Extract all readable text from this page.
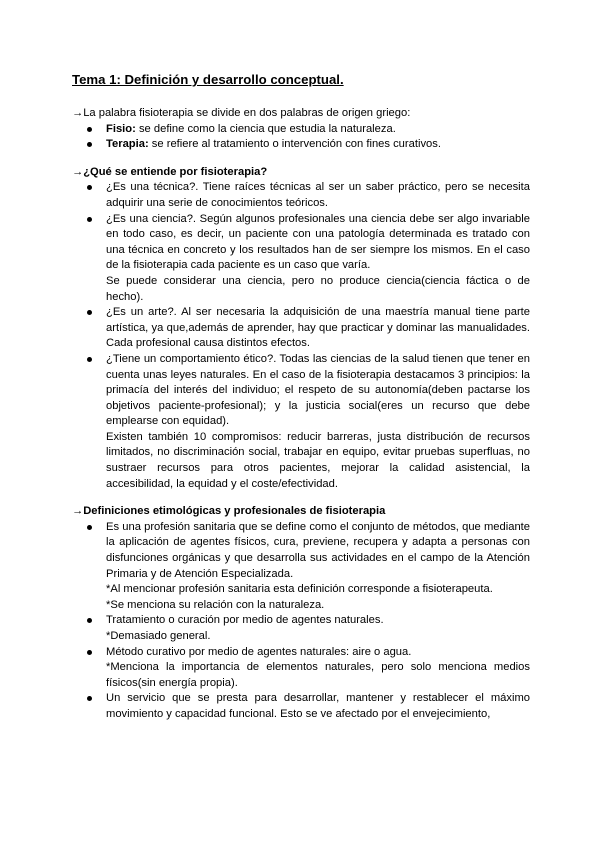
Tema 1: Definición y desarrollo conceptual.

→La palabra fisioterapia se divide en dos palabras de origen griego:

Fisio: se define como la ciencia que estudia la naturaleza.
Terapia: se refiere al tratamiento o intervención con fines curativos.

→¿Qué se entiende por fisioterapia?

¿Es una técnica?. Tiene raíces técnicas al ser un saber práctico, pero se necesita adquirir una serie de conocimientos teóricos.
¿Es una ciencia?. Según algunos profesionales una ciencia debe ser algo invariable en todo caso, es decir, un paciente con una patología determinada es tratado con una técnica en concreto y los resultados han de ser siempre los mismos. En el caso de la fisioterapia cada paciente es un caso que varía.
Se puede considerar una ciencia, pero no produce ciencia(ciencia fáctica o de hecho).
¿Es un arte?. Al ser necesaria la adquisición de una maestría manual tiene parte artística, ya que,además de aprender, hay que practicar y dominar las manualidades. Cada profesional causa distintos efectos.
¿Tiene un comportamiento ético?. Todas las ciencias de la salud tienen que tener en cuenta unas leyes naturales. En el caso de la fisioterapia destacamos 3 principios: la primacía del interés del individuo; el respeto de su autonomía(deben pactarse los objetivos paciente-profesional); y la justicia social(eres un recurso que debe emplearse con equidad).
Existen también 10 compromisos: reducir barreras, justa distribución de recursos limitados, no discriminación social, trabajar en equipo, evitar pruebas superfluas, no sustraer recursos para otros pacientes, mejorar la calidad asistencial, la accesibilidad, la equidad y el coste/efectividad.

→Definiciones etimológicas y profesionales de fisioterapia

Es una profesión sanitaria que se define como el conjunto de métodos, que mediante la aplicación de agentes físicos, cura, previene, recupera y adapta a personas con disfunciones orgánicas y que desarrolla sus actividades en el campo de la Atención Primaria y de Atención Especializada.
*Al mencionar profesión sanitaria esta definición corresponde a fisioterapeuta.
*Se menciona su relación con la naturaleza.
Tratamiento o curación por medio de agentes naturales.
*Demasiado general.
Método curativo por medio de agentes naturales: aire o agua.
*Menciona la importancia de elementos naturales, pero solo menciona medios físicos(sin energía propia).
Un servicio que se presta para desarrollar, mantener y restablecer el máximo movimiento y capacidad funcional. Esto se ve afectado por el envejecimiento,
